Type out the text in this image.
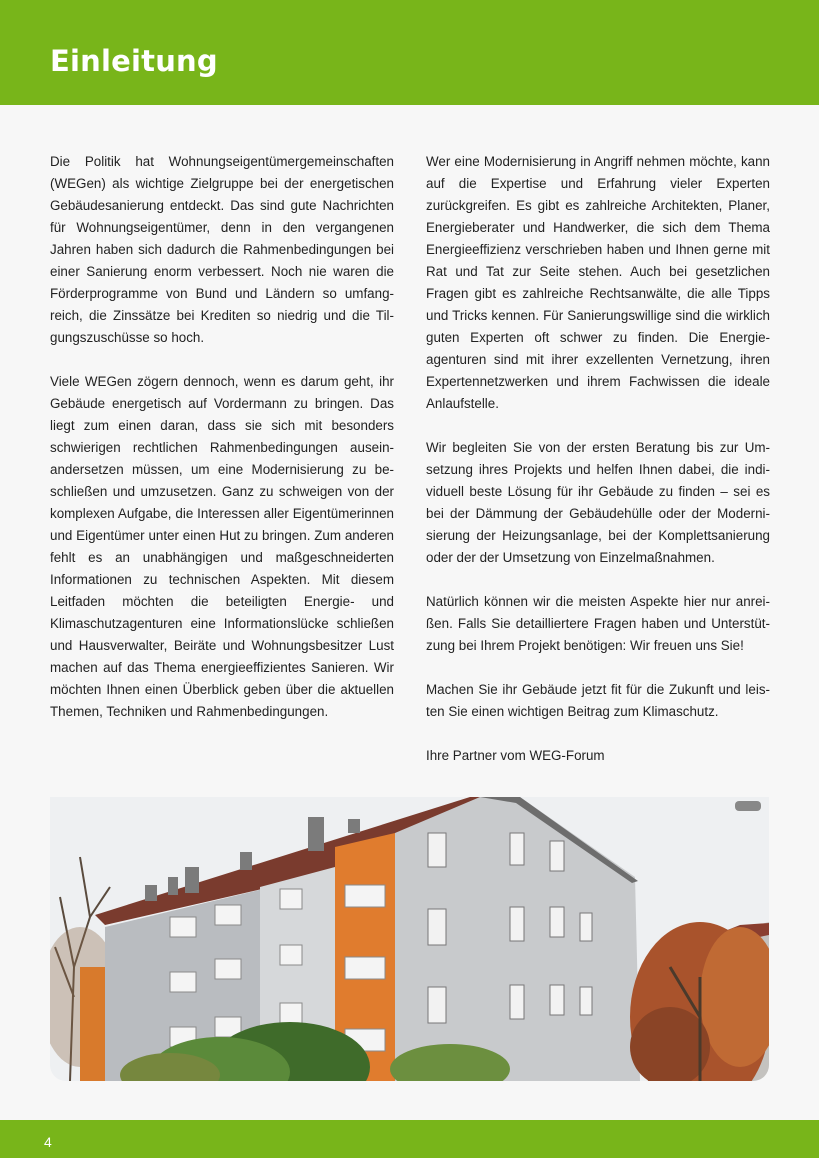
Einleitung

Die Politik hat Wohnungseigentümergemeinschaften (WEGen) als wichtige Zielgruppe bei der energetischen Gebäudesanierung entdeckt. Das sind gute Nachrichten für Wohnungseigentümer, denn in den vergangenen Jahren haben sich dadurch die Rahmenbedingungen bei einer Sanierung enorm verbessert. Noch nie waren die Förderprogramme von Bund und Ländern so umfangreich, die Zinssätze bei Krediten so niedrig und die Tilgungszuschüsse so hoch.

Viele WEGen zögern dennoch, wenn es darum geht, ihr Gebäude energetisch auf Vordermann zu bringen. Das liegt zum einen daran, dass sie sich mit besonders schwierigen rechtlichen Rahmenbedingungen auseinandersetzen müssen, um eine Modernisierung zu beschließen und umzusetzen. Ganz zu schweigen von der komplexen Aufgabe, die Interessen aller Eigentümerinnen und Eigentümer unter einen Hut zu bringen. Zum anderen fehlt es an unabhängigen und maßgeschneiderten Informationen zu technischen Aspekten. Mit diesem Leitfaden möchten die beteiligten Energie- und Klimaschutzagenturen eine Informationslücke schließen und Hausverwalter, Beiräte und Wohnungsbesitzer Lust machen auf das Thema energieeffizientes Sanieren. Wir möchten Ihnen einen Überblick geben über die aktuellen Themen, Techniken und Rahmenbedingungen.

Wer eine Modernisierung in Angriff nehmen möchte, kann auf die Expertise und Erfahrung vieler Experten zurückgreifen. Es gibt es zahlreiche Architekten, Planer, Energieberater und Handwerker, die sich dem Thema Energieeffizienz verschrieben haben und Ihnen gerne mit Rat und Tat zur Seite stehen. Auch bei gesetzlichen Fragen gibt es zahlreiche Rechtsanwälte, die alle Tipps und Tricks kennen. Für Sanierungswillige sind die wirklich guten Experten oft schwer zu finden. Die Energieagenturen sind mit ihrer exzellenten Vernetzung, ihren Expertennetzwerken und ihrem Fachwissen die ideale Anlaufstelle.

Wir begleiten Sie von der ersten Beratung bis zur Umsetzung ihres Projekts und helfen Ihnen dabei, die individuell beste Lösung für ihr Gebäude zu finden – sei es bei der Dämmung der Gebäudehülle oder der Modernisierung der Heizungsanlage, bei der Komplettsanierung oder der der Umsetzung von Einzelmaßnahmen.

Natürlich können wir die meisten Aspekte hier nur anreißen. Falls Sie detailliertere Fragen haben und Unterstützung bei Ihrem Projekt benötigen: Wir freuen uns Sie!

Machen Sie ihr Gebäude jetzt fit für die Zukunft und leisten Sie einen wichtigen Beitrag zum Klimaschutz.

Ihre Partner vom WEG-Forum

4
